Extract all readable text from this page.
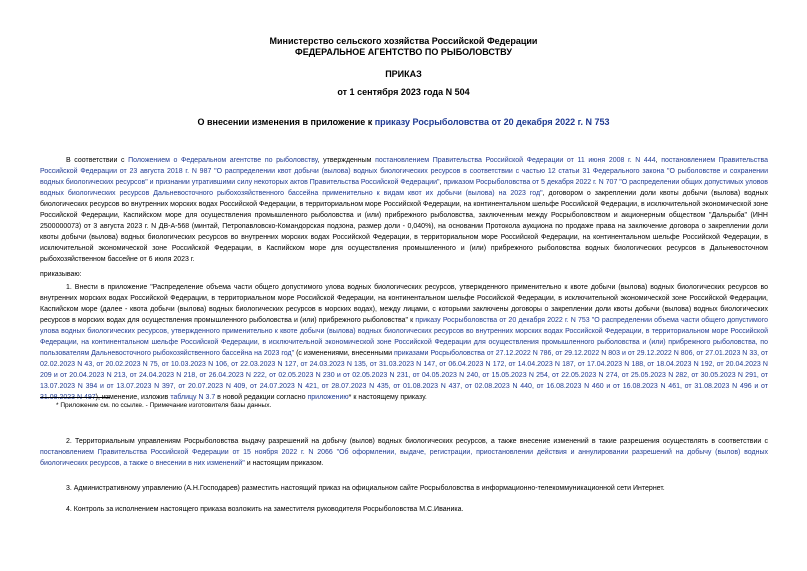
Министерство сельского хозяйства Российской Федерации
ФЕДЕРАЛЬНОЕ АГЕНТСТВО ПО РЫБОЛОВСТВУ
ПРИКАЗ
от 1 сентября 2023 года N 504
О внесении изменения в приложение к приказу Росрыболовства от 20 декабря 2022 г. N 753
В соответствии с Положением о Федеральном агентстве по рыболовству, утвержденным постановлением Правительства Российской Федерации от 11 июня 2008 г. N 444, постановлением Правительства Российской Федерации от 23 августа 2018 г. N 987 "О распределении квот добычи (вылова) водных биологических ресурсов в соответствии с частью 12 статьи 31 Федерального закона "О рыболовстве и сохранении водных биологических ресурсов" и признании утратившими силу некоторых актов Правительства Российской Федерации", приказом Росрыболовства от 5 декабря 2022 г. N 707 "О распределении общих допустимых уловов водных биологических ресурсов Дальневосточного рыбохозяйственного бассейна применительно к видам квот их добычи (вылова) на 2023 год", договором о закреплении доли квоты добычи (вылова) водных биологических ресурсов во внутренних морских водах Российской Федерации, в территориальном море Российской Федерации, на континентальном шельфе Российской Федерации, в исключительной экономической зоне Российской Федерации, Каспийском море для осуществления промышленного рыболовства и (или) прибрежного рыболовства, заключенным между Росрыболовством и акционерным обществом "Дальрыба" (ИНН 2500000073) от 3 августа 2023 г. N ДВ-А-568 (минтай, Петропавловско-Командорская подзона, размер доли - 0,040%), на основании Протокола аукциона по продаже права на заключение договора о закреплении доли квоты добычи (вылова) водных биологических ресурсов во внутренних морских водах Российской Федерации, в территориальном море Российской Федерации, на континентальном шельфе Российской Федерации, в исключительной экономической зоне Российской Федерации, в Каспийском море для осуществления промышленного и (или) прибрежного рыболовства водных биологических ресурсов в Дальневосточном рыбохозяйственном бассейне от 6 июля 2023 г.
приказываю:
1. Внести в приложение "Распределение объема части общего допустимого улова водных биологических ресурсов, утвержденного применительно к квоте добычи (вылова) водных биологических ресурсов во внутренних морских водах Российской Федерации, в территориальном море Российской Федерации, на континентальном шельфе Российской Федерации, в исключительной экономической зоне Российской Федерации, Каспийском море (далее - квота добычи (вылова) водных биологических ресурсов в морских водах), между лицами, с которыми заключены договоры о закреплении доли квоты добычи (вылова) водных биологических ресурсов в морских водах для осуществления промышленного рыболовства и (или) прибрежного рыболовства" к приказу Росрыболовства от 20 декабря 2022 г. N 753 "О распределении объема части общего допустимого улова водных биологических ресурсов, утвержденного применительно к квоте добычи (вылова) водных биологических ресурсов во внутренних морских водах Российской Федерации, в территориальном море Российской Федерации, на континентальном шельфе Российской Федерации, в исключительной экономической зоне Российской Федерации для осуществления промышленного рыболовства и (или) прибрежного рыболовства, по пользователям Дальневосточного рыбохозяйственного бассейна на 2023 год" (с изменениями, внесенными приказами Росрыболовства от 27.12.2022 N 786, от 29.12.2022 N 803 и от 29.12.2022 N 806, от 27.01.2023 N 33, от 02.02.2023 N 43, от 20.02.2023 N 75, от 10.03.2023 N 106, от 22.03.2023 N 127, от 24.03.2023 N 135, от 31.03.2023 N 147, от 06.04.2023 N 172, от 14.04.2023 N 187, от 17.04.2023 N 188, от 18.04.2023 N 192, от 20.04.2023 N 209 и от 20.04.2023 N 213, от 24.04.2023 N 218, от 26.04.2023 N 222, от 02.05.2023 N 230 и от 02.05.2023 N 231, от 04.05.2023 N 240, от 15.05.2023 N 254, от 22.05.2023 N 274, от 25.05.2023 N 282, от 30.05.2023 N 291, от 13.07.2023 N 394 и от 13.07.2023 N 397, от 20.07.2023 N 409, от 24.07.2023 N 421, от 28.07.2023 N 435, от 01.08.2023 N 437, от 02.08.2023 N 440, от 16.08.2023 N 460 и от 16.08.2023 N 461, от 31.08.2023 N 496 и от 31.08.2023 N 497), изменение, изложив таблицу N 3.7 в новой редакции согласно приложению* к настоящему приказу.
* Приложение см. по ссылке. - Примечание изготовителя базы данных.
2. Территориальным управлениям Росрыболовства выдачу разрешений на добычу (вылов) водных биологических ресурсов, а также внесение изменений в такие разрешения осуществлять в соответствии с постановлением Правительства Российской Федерации от 15 ноября 2022 г. N 2066 "Об оформлении, выдаче, регистрации, приостановлении действия и аннулировании разрешений на добычу (вылов) водных биологических ресурсов, а также о внесении в них изменений" и настоящим приказом.
3. Административному управлению (А.Н.Господарев) разместить настоящий приказ на официальном сайте Росрыболовства в информационно-телекоммуникационной сети Интернет.
4. Контроль за исполнением настоящего приказа возложить на заместителя руководителя Росрыболовства М.С.Иваника.
